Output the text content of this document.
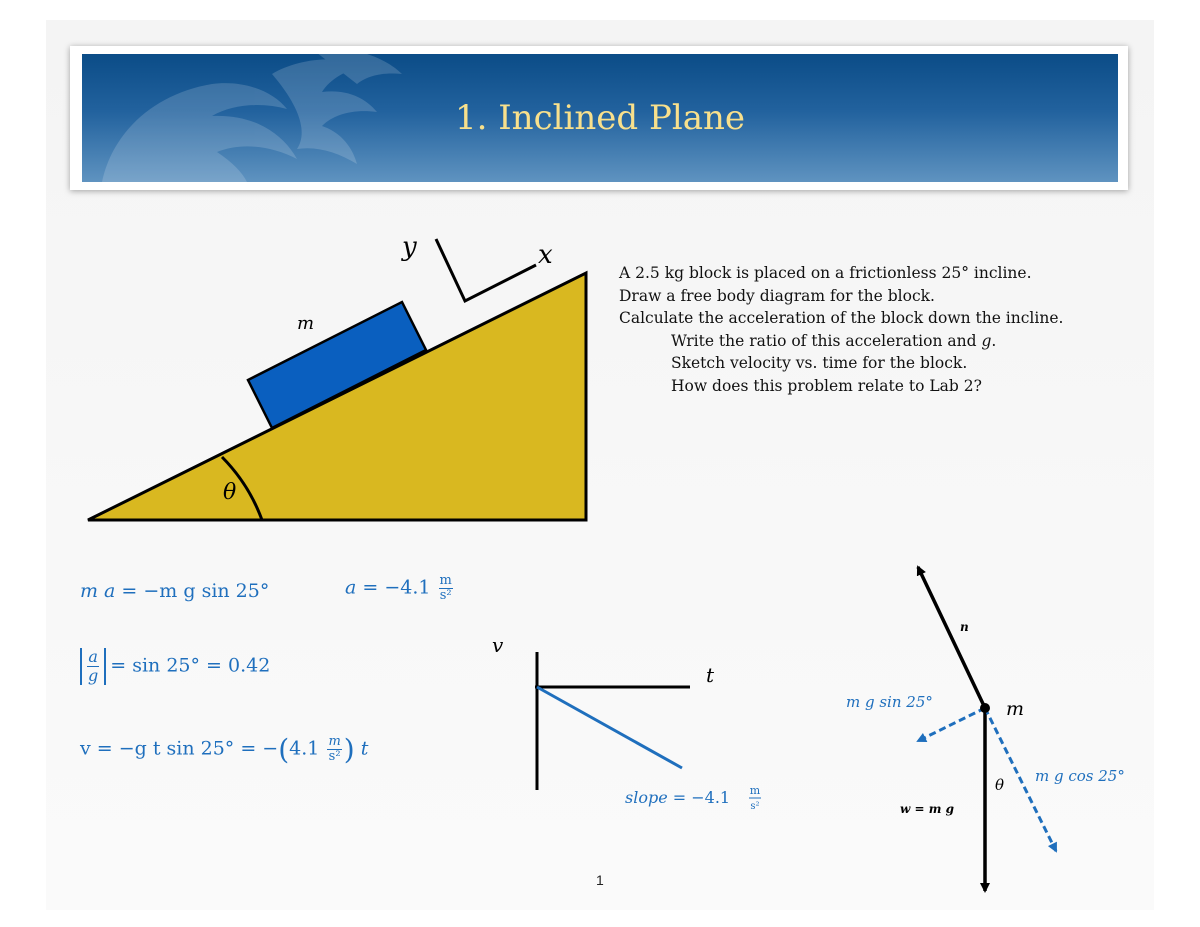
1. Inclined Plane
m
θ
y	x
A 2.5 kg block is placed on a frictionless 25° incline.
Draw a free body diagram for the block.
Calculate the acceleration of the block down the incline.
Write the ratio of this acceleration and g.
Sketch velocity vs. time for the block.
How does this problem relate to Lab 2?
m a = −m g sin 25°	$a = -4.1 \frac{m}{\text{s²}}$
$\frac{a}{g} = \sin 25^\circ = 0.42$
v = −g t $\sin 25^\circ = -(4.1 \frac{m}{\text{s²}}$ ) t
v
t
slope = −4.1 m
s²
n
m
w = m g
θ
m g sin 25°
m g cos 25°
1
